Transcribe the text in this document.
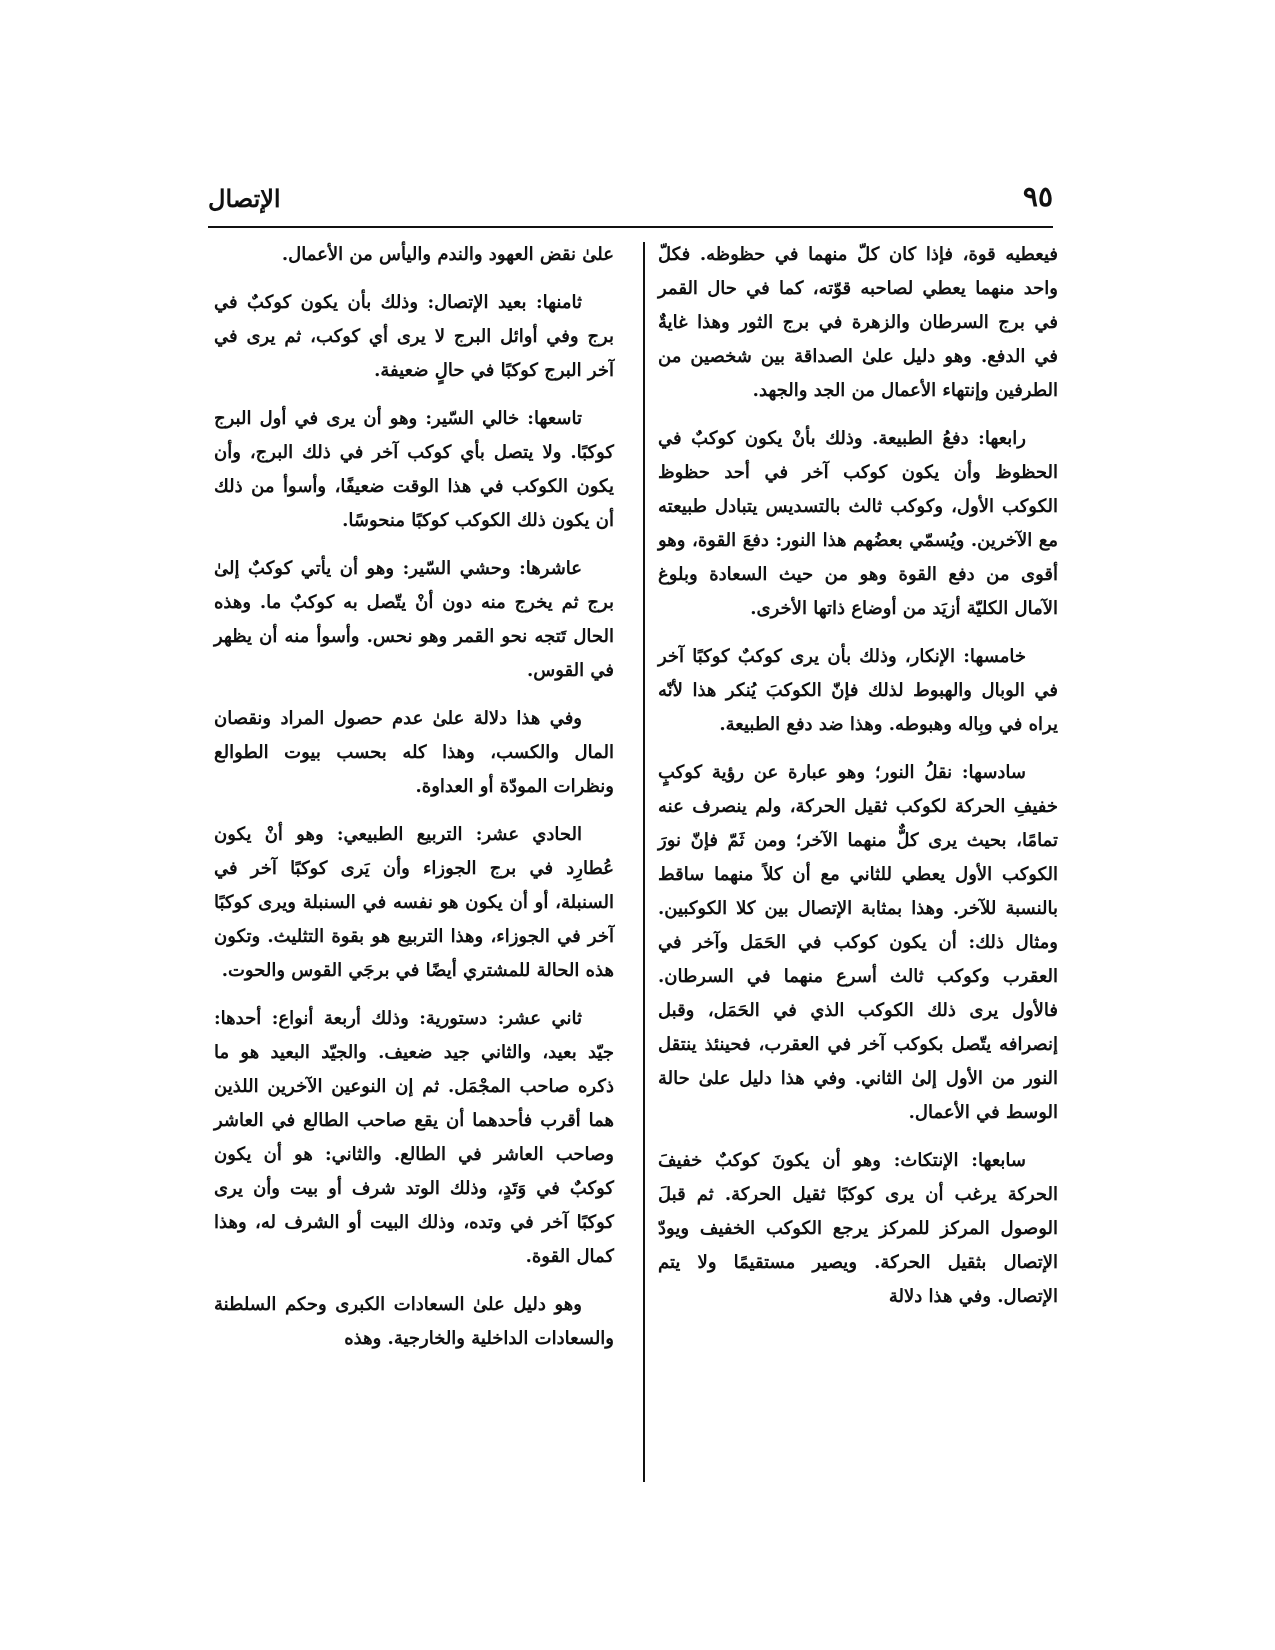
٩٥
الإتصال

فيعطيه قوة، فإذا كان كلّ منهما في حظوظه. فكلّ واحد منهما يعطي لصاحبه قوّته، كما في حال القمر في برج السرطان والزهرة في برج الثور وهذا غايةٌ في الدفع. وهو دليل علىٰ الصداقة بين شخصين من الطرفين وإنتهاء الأعمال من الجد والجهد.

رابعها: دفعُ الطبيعة. وذلك بأنْ يكون كوكبٌ في الحظوظ وأن يكون كوكب آخر في أحد حظوظ الكوكب الأول، وكوكب ثالث بالتسديس يتبادل طبيعته مع الآخرين. ويُسمّي بعضُهم هذا النور: دفعَ القوة، وهو أقوى من دفع القوة وهو من حيث السعادة وبلوغ الآمال الكليّة أزيَد من أوضاع ذاتها الأخرى.

خامسها: الإنكار، وذلك بأن يرى كوكبٌ كوكبًا آخر في الوبال والهبوط لذلك فإنّ الكوكبَ يُنكر هذا لأنّه يراه في وبِاله وهبوطه. وهذا ضد دفع الطبيعة.

سادسها: نقلُ النور؛ وهو عبارة عن رؤية كوكبٍ خفيفِ الحركة لكوكب ثقيل الحركة، ولم ينصرف عنه تمامًا، بحيث يرى كلٌّ منهما الآخر؛ ومن ثَمّ فإنّ نورَ الكوكب الأول يعطي للثاني مع أن كلاً منهما ساقط بالنسبة للآخر. وهذا بمثابة الإتصال بين كلا الكوكبين. ومثال ذلك: أن يكون كوكب في الحَمَل وآخر في العقرب وكوكب ثالث أسرع منهما في السرطان. فالأول يرى ذلك الكوكب الذي في الحَمَل، وقبل إنصرافه يتّصل بكوكب آخر في العقرب، فحينئذ ينتقل النور من الأول إلىٰ الثاني. وفي هذا دليل علىٰ حالة الوسط في الأعمال.

سابعها: الإنتكاث: وهو أن يكونَ كوكبٌ خفيفَ الحركة يرغب أن يرى كوكبًا ثقيل الحركة. ثم قبلَ الوصول المركز للمركز يرجع الكوكب الخفيف ويودّ الإتصال بثقيل الحركة. ويصير مستقيمًا ولا يتم الإتصال. وفي هذا دلالة

علىٰ نقض العهود والندم واليأس من الأعمال.

ثامنها: بعيد الإتصال: وذلك بأن يكون كوكبٌ في برج وفي أوائل البرج لا يرى أي كوكب، ثم يرى في آخر البرج كوكبًا في حالٍ ضعيفة.

تاسعها: خالي السّير: وهو أن يرى في أول البرج كوكبًا. ولا يتصل بأي كوكب آخر في ذلك البرج، وأن يكون الكوكب في هذا الوقت ضعيفًا، وأسوأ من ذلك أن يكون ذلك الكوكب كوكبًا منحوسًا.

عاشرها: وحشي السّير: وهو أن يأتي كوكبٌ إلىٰ برج ثم يخرج منه دون أنْ يتّصل به كوكبٌ ما. وهذه الحال تَتجه نحو القمر وهو نحس. وأسوأ منه أن يظهر في القوس.

وفي هذا دلالة علىٰ عدم حصول المراد ونقصان المال والكسب، وهذا كله بحسب بيوت الطوالع ونظرات المودّة أو العداوة.

الحادي عشر: التربيع الطبيعي: وهو أنْ يكون عُطارِد في برج الجوزاء وأن يَرى كوكبًا آخر في السنبلة، أو أن يكون هو نفسه في السنبلة ويرى كوكبًا آخر في الجوزاء، وهذا التربيع هو بقوة التثليث. وتكون هذه الحالة للمشتري أيضًا في برجَي القوس والحوت.

ثاني عشر: دستورية: وذلك أربعة أنواع: أحدها: جيّد بعيد، والثاني جيد ضعيف. والجيّد البعيد هو ما ذكره صاحب المجْمَل. ثم إن النوعين الآخرين اللذين هما أقرب فأحدهما أن يقع صاحب الطالع في العاشر وصاحب العاشر في الطالع. والثاني: هو أن يكون كوكبٌ في وَتَدٍ، وذلك الوتد شرف أو بيت وأن يرى كوكبًا آخر في وتده، وذلك البيت أو الشرف له، وهذا كمال القوة.

وهو دليل علىٰ السعادات الكبرى وحكم السلطنة والسعادات الداخلية والخارجية. وهذه
